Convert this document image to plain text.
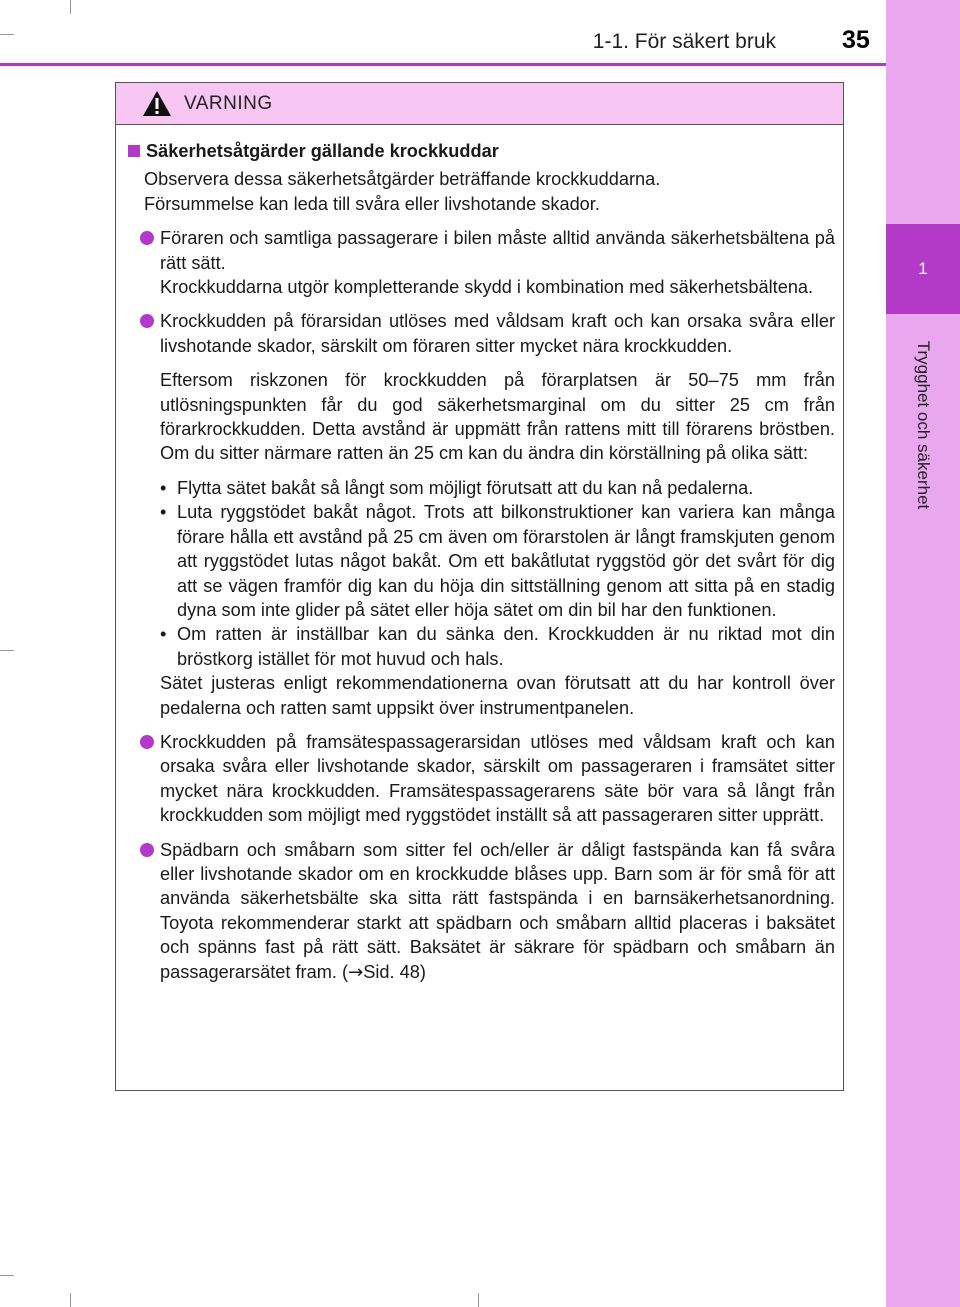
1-1. För säkert bruk	35
1
Trygghet och säkerhet
VARNING
Säkerhetsåtgärder gällande krockkuddar

Observera dessa säkerhetsåtgärder beträffande krockkuddarna.

Försummelse kan leda till svåra eller livshotande skador.

Föraren och samtliga passagerare i bilen måste alltid använda säkerhetsbältena på rätt sätt.

Krockkuddarna utgör kompletterande skydd i kombination med säkerhetsbältena.

Krockkudden på förarsidan utlöses med våldsam kraft och kan orsaka svåra eller livshotande skador, särskilt om föraren sitter mycket nära krockkudden.

Eftersom riskzonen för krockkudden på förarplatsen är 50–75 mm från utlösningspunkten får du god säkerhetsmarginal om du sitter 25 cm från förarkrockkudden. Detta avstånd är uppmätt från rattens mitt till förarens bröstben. Om du sitter närmare ratten än 25 cm kan du ändra din körställning på olika sätt:

• Flytta sätet bakåt så långt som möjligt förutsatt att du kan nå pedalerna.
• Luta ryggstödet bakåt något. Trots att bilkonstruktioner kan variera kan många förare hålla ett avstånd på 25 cm även om förarstolen är långt framskjuten genom att ryggstödet lutas något bakåt. Om ett bakåtlutat ryggstöd gör det svårt för dig att se vägen framför dig kan du höja din sittställning genom att sitta på en stadig dyna som inte glider på sätet eller höja sätet om din bil har den funktionen.
• Om ratten är inställbar kan du sänka den. Krockkudden är nu riktad mot din bröstkorg istället för mot huvud och hals.

Sätet justeras enligt rekommendationerna ovan förutsatt att du har kontroll över pedalerna och ratten samt uppsikt över instrumentpanelen.

Krockkudden på framsätespassagerarsidan utlöses med våldsam kraft och kan orsaka svåra eller livshotande skador, särskilt om passageraren i framsätet sitter mycket nära krockkudden. Framsätespassagerarens säte bör vara så långt från krockkudden som möjligt med ryggstödet inställt så att passageraren sitter upprätt.

Spädbarn och småbarn som sitter fel och/eller är dåligt fastspända kan få svåra eller livshotande skador om en krockkudde blåses upp. Barn som är för små för att använda säkerhetsbälte ska sitta rätt fastspända i en barnsäkerhetsanordning. Toyota rekommenderar starkt att spädbarn och småbarn alltid placeras i baksätet och spänns fast på rätt sätt. Baksätet är säkrare för spädbarn och småbarn än passagerarsätet fram. (→Sid. 48)
